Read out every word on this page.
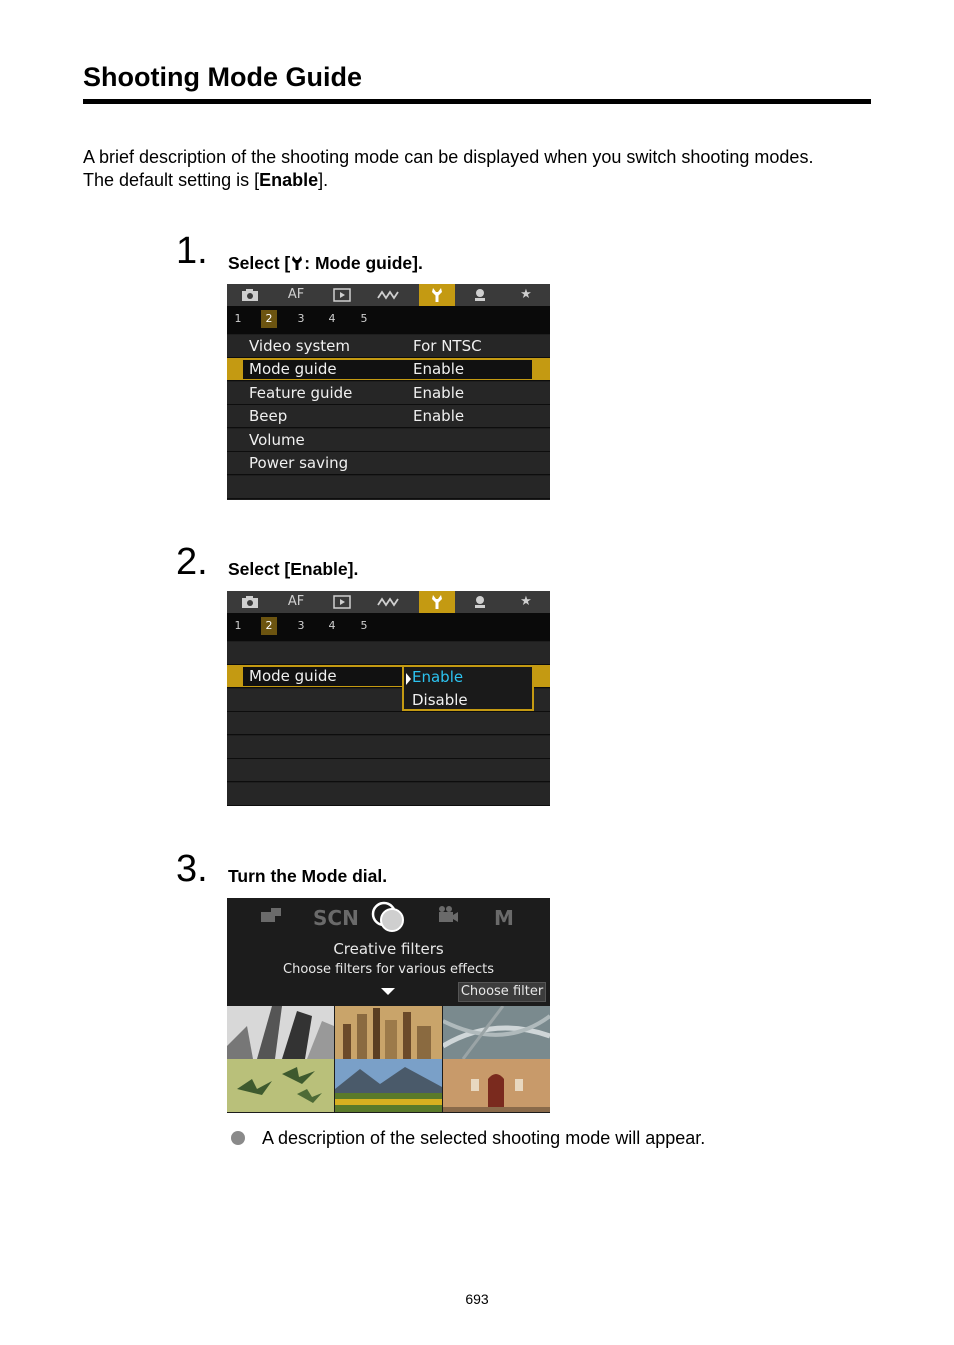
Shooting Mode Guide
A brief description of the shooting mode can be displayed when you switch shooting modes.
The default setting is [Enable].
1. Select [ : Mode guide].
AF	★
1	2	3	4	5
Video system	For NTSC
Mode guide	Enable
Feature guide	Enable
Beep	Enable
Volume
Power saving
2. Select [Enable].
AF	★
1	2	3	4	5
Mode guide	Enable
Disable
3. Turn the Mode dial.
SCN	M
Creative filters
Choose filters for various effects
Choose filter
A description of the selected shooting mode will appear.
693
